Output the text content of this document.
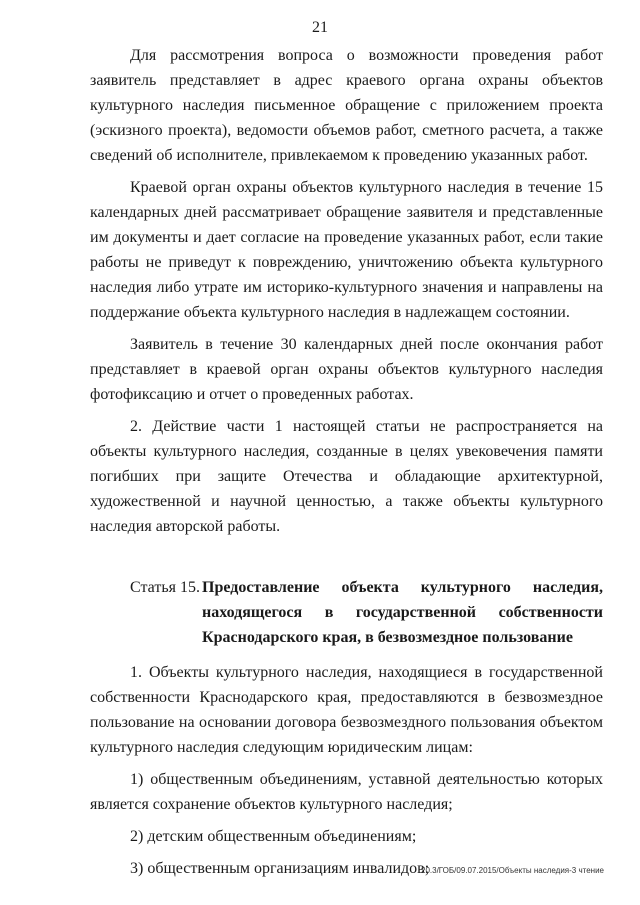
21

Для рассмотрения вопроса о возможности проведения работ заявитель представляет в адрес краевого органа охраны объектов культурного наследия письменное обращение с приложением проекта (эскизного проекта), ведомости объемов работ, сметного расчета, а также сведений об исполнителе, привлекаемом к проведению указанных работ.

Краевой орган охраны объектов культурного наследия в течение 15 календарных дней рассматривает обращение заявителя и представленные им документы и дает согласие на проведение указанных работ, если такие работы не приведут к повреждению, уничтожению объекта культурного наследия либо утрате им историко-культурного значения и направлены на поддержание объекта культурного наследия в надлежащем состоянии.

Заявитель в течение 30 календарных дней после окончания работ представляет в краевой орган охраны объектов культурного наследия фотофиксацию и отчет о проведенных работах.

2. Действие части 1 настоящей статьи не распространяется на объекты культурного наследия, созданные в целях увековечения памяти погибших при защите Отечества и обладающие архитектурной, художественной и научной ценностью, а также объекты культурного наследия авторской работы.

Статья 15. Предоставление объекта культурного наследия, находящегося в государственной собственности Краснодарского края, в безвозмездное пользование

1. Объекты культурного наследия, находящиеся в государственной собственности Краснодарского края, предоставляются в безвозмездное пользование на основании договора безвозмездного пользования объектом культурного наследия следующим юридическим лицам:

1) общественным объединениям, уставной деятельностью которых является сохранение объектов культурного наследия;

2) детским общественным объединениям;

3) общественным организациям инвалидов;

20.3/ГОБ/09.07.2015/Объекты наследия-3 чтение
